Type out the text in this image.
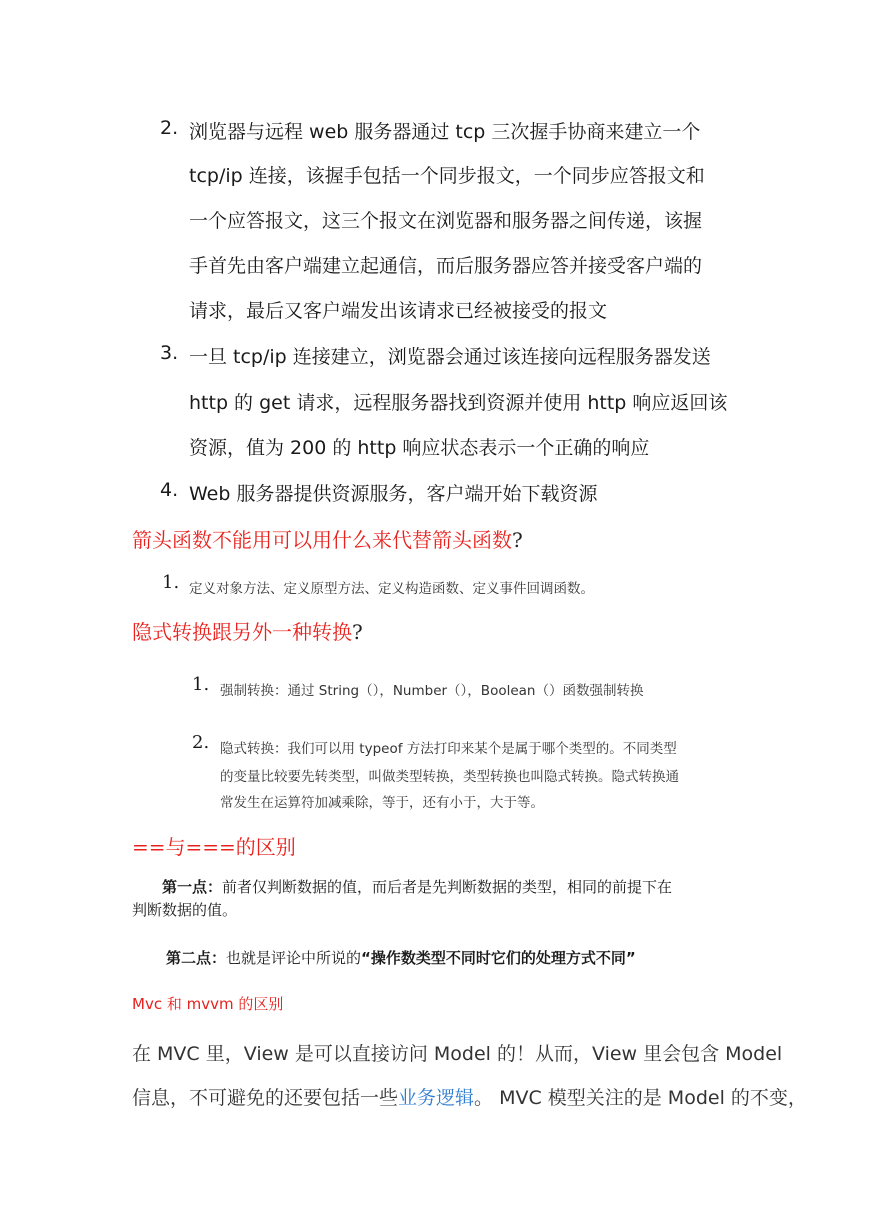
2. 浏览器与远程 web 服务器通过 tcp 三次握手协商来建立一个
tcp/ip 连接，该握手包括一个同步报文，一个同步应答报文和
一个应答报文，这三个报文在浏览器和服务器之间传递，该握
手首先由客户端建立起通信，而后服务器应答并接受客户端的
请求，最后又客户端发出该请求已经被接受的报文
3. 一旦 tcp/ip 连接建立，浏览器会通过该连接向远程服务器发送
http 的 get 请求，远程服务器找到资源并使用 http 响应返回该
资源，值为 200 的 http 响应状态表示一个正确的响应
4. Web 服务器提供资源服务，客户端开始下载资源
箭头函数不能用可以用什么来代替箭头函数?
1. 定义对象方法、定义原型方法、定义构造函数、定义事件回调函数。
隐式转换跟另外一种转换?
1. 强制转换：通过 String（），Number（），Boolean（）函数强制转换
2. 隐式转换：我们可以用 typeof 方法打印来某个是属于哪个类型的。不同类型
的变量比较要先转类型，叫做类型转换，类型转换也叫隐式转换。隐式转换通
常发生在运算符加减乘除，等于，还有小于，大于等。
==与===的区别
第一点：前者仅判断数据的值，而后者是先判断数据的类型，相同的前提下在
判断数据的值。
第二点：也就是评论中所说的“操作数类型不同时它们的处理方式不同”
Mvc 和 mvvm 的区别
在 MVC 里，View 是可以直接访问 Model 的！从而，View 里会包含 Model
信息，不可避免的还要包括一些业务逻辑。 MVC 模型关注的是 Model 的不变，
